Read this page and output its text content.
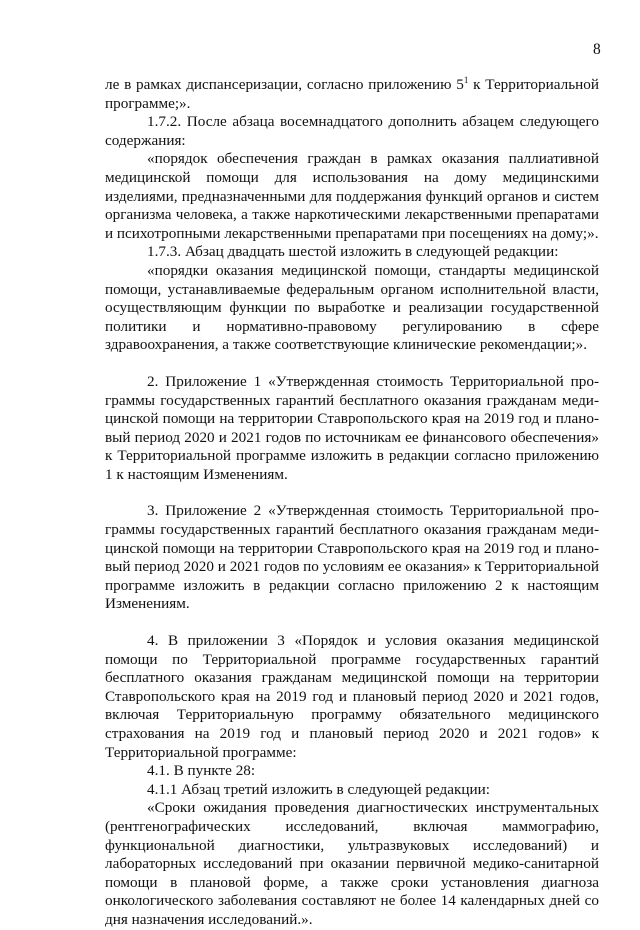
8

ле в рамках диспансеризации, согласно приложению $5^1$ к Территориальной программе;».

1.7.2. После абзаца восемнадцатого дополнить абзацем следующего содержания:

«порядок обеспечения граждан в рамках оказания паллиативной медицинской помощи для использования на дому медицинскими изделиями, предназначенными для поддержания функций органов и систем организма человека, а также наркотическими лекарственными препаратами и психотропными лекарственными препаратами при посещениях на дому;».

1.7.3. Абзац двадцать шестой изложить в следующей редакции:

«порядки оказания медицинской помощи, стандарты медицинской помощи, устанавливаемые федеральным органом исполнительной власти, осуществляющим функции по выработке и реализации государственной политики и нормативно-правовому регулированию в сфере здравоохранения, а также соответствующие клинические рекомендации;».

2. Приложение 1 «Утвержденная стоимость Территориальной программы государственных гарантий бесплатного оказания гражданам медицинской помощи на территории Ставропольского края на 2019 год и плановый период 2020 и 2021 годов по источникам ее финансового обеспечения» к Территориальной программе изложить в редакции согласно приложению 1 к настоящим Изменениям.

3. Приложение 2 «Утвержденная стоимость Территориальной программы государственных гарантий бесплатного оказания гражданам медицинской помощи на территории Ставропольского края на 2019 год и плановый период 2020 и 2021 годов по условиям ее оказания» к Территориальной программе изложить в редакции согласно приложению 2 к настоящим Изменениям.

4. В приложении 3 «Порядок и условия оказания медицинской помощи по Территориальной программе государственных гарантий бесплатного оказания гражданам медицинской помощи на территории Ставропольского края на 2019 год и плановый период 2020 и 2021 годов, включая Территориальную программу обязательного медицинского страхования на 2019 год и плановый период 2020 и 2021 годов» к Территориальной программе:

4.1. В пункте 28:

4.1.1 Абзац третий изложить в следующей редакции:

«Сроки ожидания проведения диагностических инструментальных (рентгенографических исследований, включая маммографию, функциональной диагностики, ультразвуковых исследований) и лабораторных исследований при оказании первичной медико-санитарной помощи в плановой форме, а также сроки установления диагноза онкологического заболевания составляют не более 14 календарных дней со дня назначения исследований.».
